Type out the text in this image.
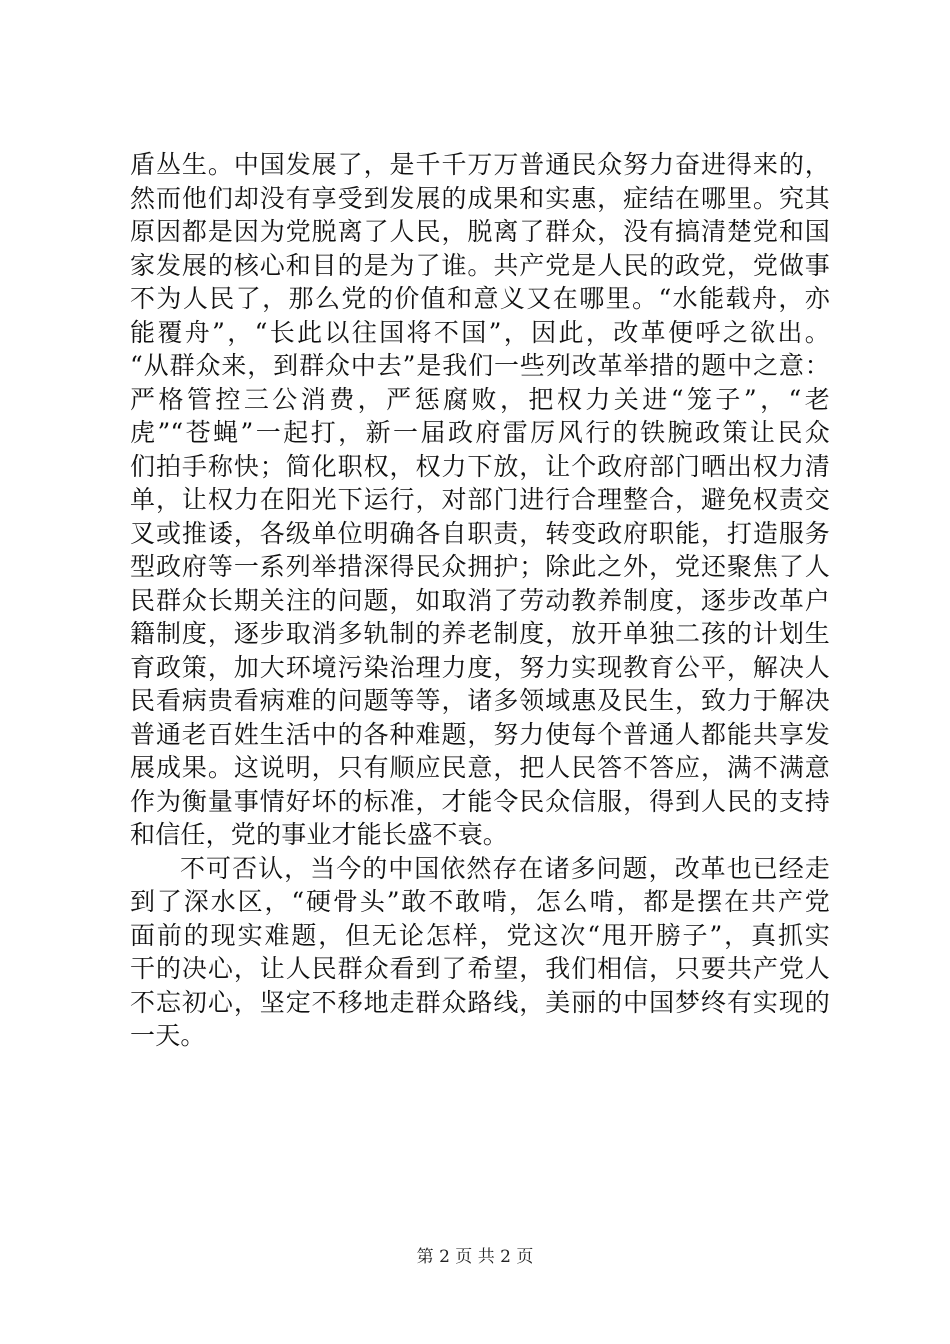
盾丛生。中国发展了，是千千万万普通民众努力奋进得来的，
然而他们却没有享受到发展的成果和实惠，症结在哪里。究其
原因都是因为党脱离了人民，脱离了群众，没有搞清楚党和国
家发展的核心和目的是为了谁。共产党是人民的政党，党做事
不为人民了，那么党的价值和意义又在哪里。“水能载舟，亦
能覆舟”，“长此以往国将不国”，因此，改革便呼之欲出。
“从群众来，到群众中去”是我们一些列改革举措的题中之意：
严格管控三公消费，严惩腐败，把权力关进“笼子”，“老
虎”“苍蝇”一起打，新一届政府雷厉风行的铁腕政策让民众
们拍手称快；简化职权，权力下放，让个政府部门晒出权力清
单，让权力在阳光下运行，对部门进行合理整合，避免权责交
叉或推诿，各级单位明确各自职责，转变政府职能，打造服务
型政府等一系列举措深得民众拥护；除此之外，党还聚焦了人
民群众长期关注的问题，如取消了劳动教养制度，逐步改革户
籍制度，逐步取消多轨制的养老制度，放开单独二孩的计划生
育政策，加大环境污染治理力度，努力实现教育公平，解决人
民看病贵看病难的问题等等，诸多领域惠及民生，致力于解决
普通老百姓生活中的各种难题，努力使每个普通人都能共享发
展成果。这说明，只有顺应民意，把人民答不答应，满不满意
作为衡量事情好坏的标准，才能令民众信服，得到人民的支持
和信任，党的事业才能长盛不衰。
不可否认，当今的中国依然存在诸多问题，改革也已经走
到了深水区，“硬骨头”敢不敢啃，怎么啃，都是摆在共产党
面前的现实难题，但无论怎样，党这次“甩开膀子”，真抓实
干的决心，让人民群众看到了希望，我们相信，只要共产党人
不忘初心，坚定不移地走群众路线，美丽的中国梦终有实现的
一天。
第 2 页 共 2 页
